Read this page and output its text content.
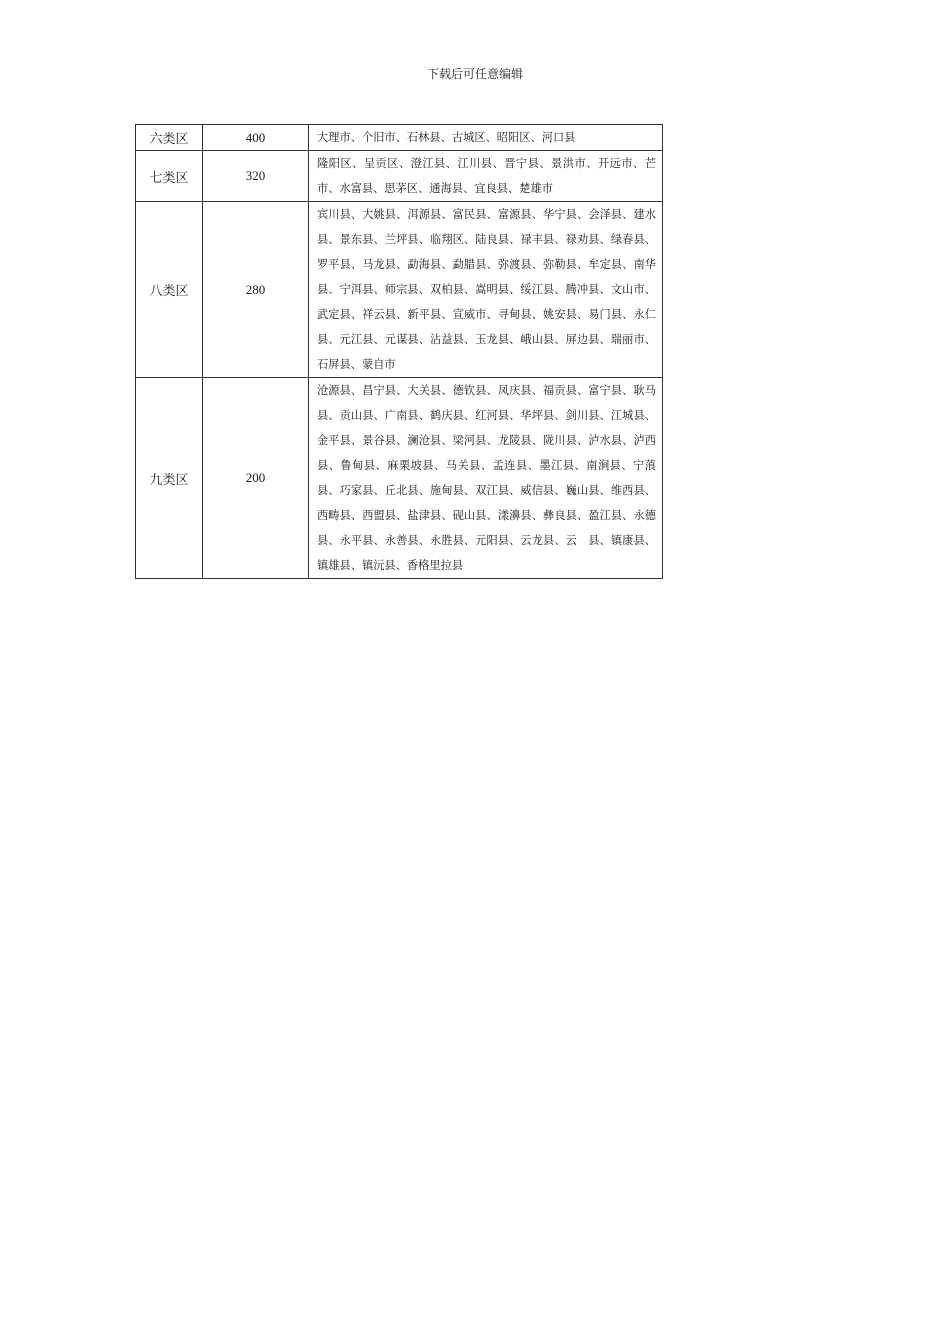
下载后可任意编辑
六类区	400	大理市、个旧市、石林县、古城区、昭阳区、河口县
七类区	320	隆阳区、呈贡区、澄江县、江川县、晋宁县、景洪市、开远市、芒市、水富县、思茅区、通海县、宜良县、楚雄市
八类区	280	宾川县、大姚县、洱源县、富民县、富源县、华宁县、会泽县、建水县、景东县、兰坪县、临翔区、陆良县、禄丰县、禄劝县、绿春县、罗平县、马龙县、勐海县、勐腊县、弥渡县、弥勒县、牟定县、南华县、宁洱县、师宗县、双柏县、嵩明县、绥江县、腾冲县、文山市、武定县、祥云县、新平县、宣威市、寻甸县、姚安县、易门县、永仁县、元江县、元谋县、沾益县、玉龙县、峨山县、屏边县、瑞丽市、石屏县、蒙自市
九类区	200	沧源县、昌宁县、大关县、德钦县、凤庆县、福贡县、富宁县、耿马县、贡山县、广南县、鹤庆县、红河县、华坪县、剑川县、江城县、金平县、景谷县、澜沧县、梁河县、龙陵县、陇川县、泸水县、泸西县、鲁甸县、麻栗坡县、马关县、孟连县、墨江县、南涧县、宁蒗县、巧家县、丘北县、施甸县、双江县、威信县、巍山县、维西县、西畴县、西盟县、盐津县、砚山县、漾濞县、彝良县、盈江县、永德县、永平县、永善县、永胜县、元阳县、云龙县、云　县、镇康县、镇雄县、镇沅县、香格里拉县
